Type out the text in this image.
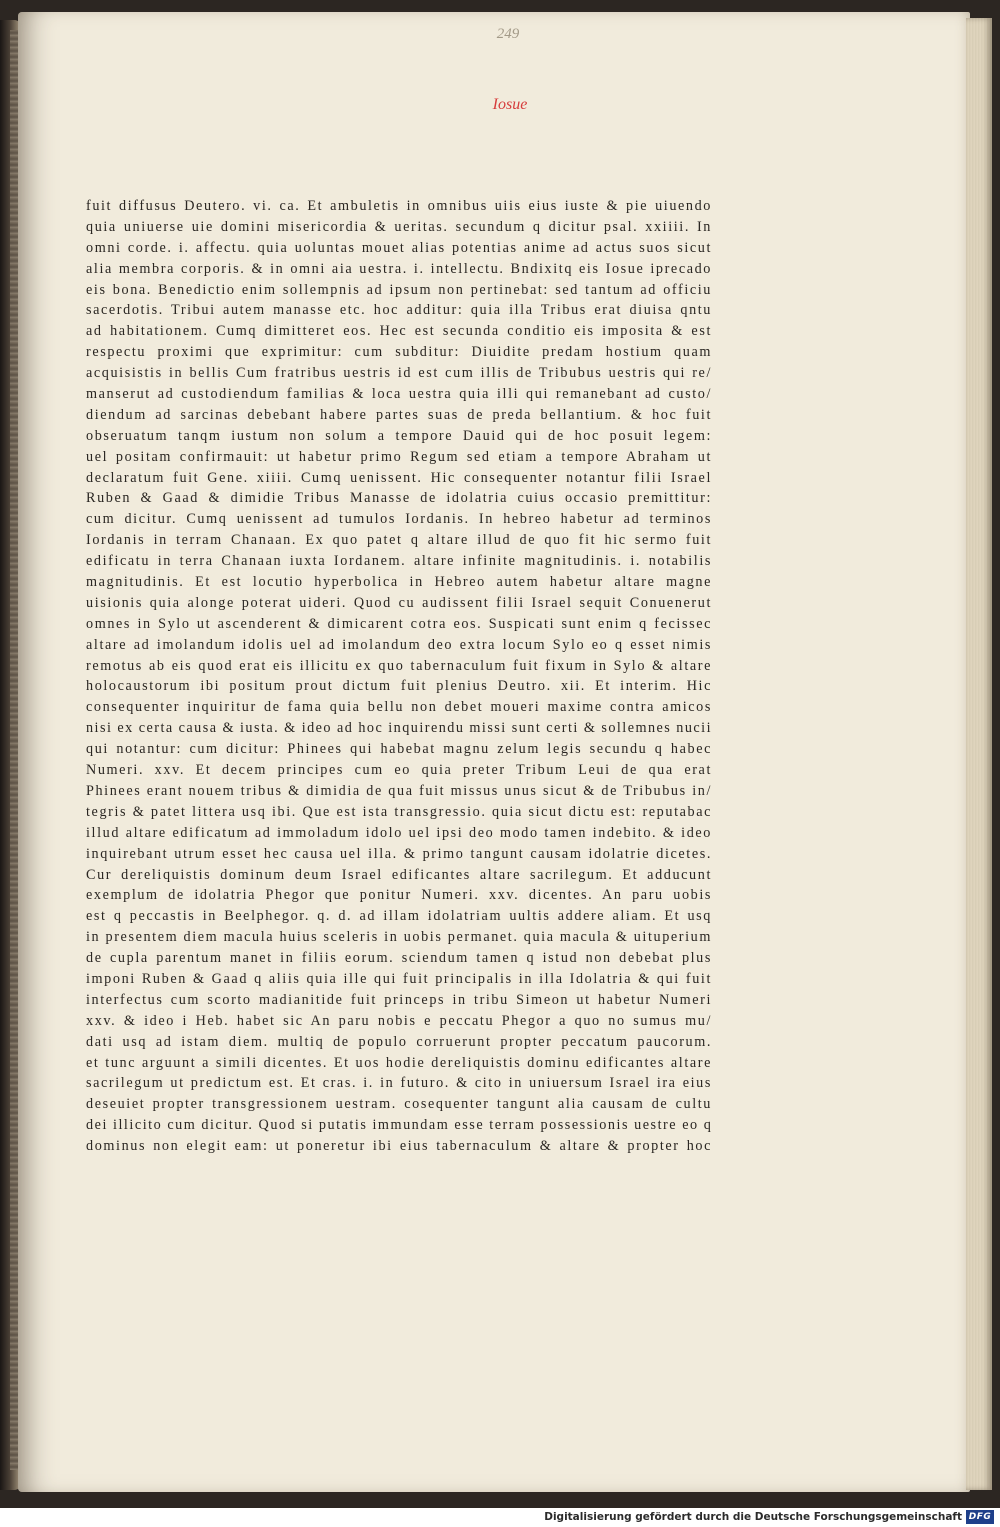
249
Iosue
fuit diffusus Deutero. vi. ca. Et ambuletis in omnibus uiis eius iuste & pie uiuendo
quia uniuerse uie domini misericordia & ueritas. secundum q dicitur psal. xxiiii. In
omni corde. i. affectu. quia uoluntas mouet alias potentias anime ad actus suos sicut
alia membra corporis. & in omni aia uestra. i. intellectu. Bndixitq eis Iosue iprecado
eis bona. Benedictio enim sollempnis ad ipsum non pertinebat: sed tantum ad officiu
sacerdotis. Tribui autem manasse etc. hoc additur: quia illa Tribus erat diuisa qntu
ad habitationem. Cumq dimitteret eos. Hec est secunda conditio eis imposita & est
respectu proximi que exprimitur: cum subditur: Diuidite predam hostium quam
acquisistis in bellis Cum fratribus uestris id est cum illis de Tribubus uestris qui re/
manserut ad custodiendum familias & loca uestra quia illi qui remanebant ad custo/
diendum ad sarcinas debebant habere partes suas de preda bellantium. & hoc fuit
obseruatum tanqm iustum non solum a tempore Dauid qui de hoc posuit legem:
uel positam confirmauit: ut habetur primo Regum sed etiam a tempore Abraham ut
declaratum fuit Gene. xiiii. Cumq uenissent. Hic consequenter notantur filii Israel
Ruben & Gaad & dimidie Tribus Manasse de idolatria cuius occasio premittitur:
cum dicitur. Cumq uenissent ad tumulos Iordanis. In hebreo habetur ad terminos
Iordanis in terram Chanaan. Ex quo patet q altare illud de quo fit hic sermo fuit
edificatu in terra Chanaan iuxta Iordanem. altare infinite magnitudinis. i. notabilis
magnitudinis. Et est locutio hyperbolica in Hebreo autem habetur altare magne
uisionis quia alonge poterat uideri. Quod cu audissent filii Israel sequit Conuenerut
omnes in Sylo ut ascenderent & dimicarent cotra eos. Suspicati sunt enim q fecissec
altare ad imolandum idolis uel ad imolandum deo extra locum Sylo eo q esset nimis
remotus ab eis quod erat eis illicitu ex quo tabernaculum fuit fixum in Sylo & altare
holocaustorum ibi positum prout dictum fuit plenius Deutro. xii. Et interim. Hic
consequenter inquiritur de fama quia bellu non debet moueri maxime contra amicos
nisi ex certa causa & iusta. & ideo ad hoc inquirendu missi sunt certi & sollemnes nucii
qui notantur: cum dicitur: Phinees qui habebat magnu zelum legis secundu q habec
Numeri. xxv. Et decem principes cum eo quia preter Tribum Leui de qua erat
Phinees erant nouem tribus & dimidia de qua fuit missus unus sicut & de Tribubus in/
tegris & patet littera usq ibi. Que est ista transgressio. quia sicut dictu est: reputabac
illud altare edificatum ad immoladum idolo uel ipsi deo modo tamen indebito. & ideo
inquirebant utrum esset hec causa uel illa. & primo tangunt causam idolatrie dicetes.
Cur dereliquistis dominum deum Israel edificantes altare sacrilegum. Et adducunt
exemplum de idolatria Phegor que ponitur Numeri. xxv. dicentes. An paru uobis
est q peccastis in Beelphegor. q. d. ad illam idolatriam uultis addere aliam. Et usq
in presentem diem macula huius sceleris in uobis permanet. quia macula & uituperium
de cupla parentum manet in filiis eorum. sciendum tamen q istud non debebat plus
imponi Ruben & Gaad q aliis quia ille qui fuit principalis in illa Idolatria & qui fuit
interfectus cum scorto madianitide fuit princeps in tribu Simeon ut habetur Numeri
xxv. & ideo i Heb. habet sic An paru nobis e peccatu Phegor a quo no sumus mu/
dati usq ad istam diem. multiq de populo corruerunt propter peccatum paucorum.
et tunc arguunt a simili dicentes. Et uos hodie dereliquistis dominu edificantes altare
sacrilegum ut predictum est. Et cras. i. in futuro. & cito in uniuersum Israel ira eius
deseuiet propter transgressionem uestram. cosequenter tangunt alia causam de cultu
dei illicito cum dicitur. Quod si putatis immundam esse terram possessionis uestre eo q
dominus non elegit eam: ut poneretur ibi eius tabernaculum & altare & propter hoc
Digitalisierung gefördert durch die Deutsche Forschungsgemeinschaft DFG
